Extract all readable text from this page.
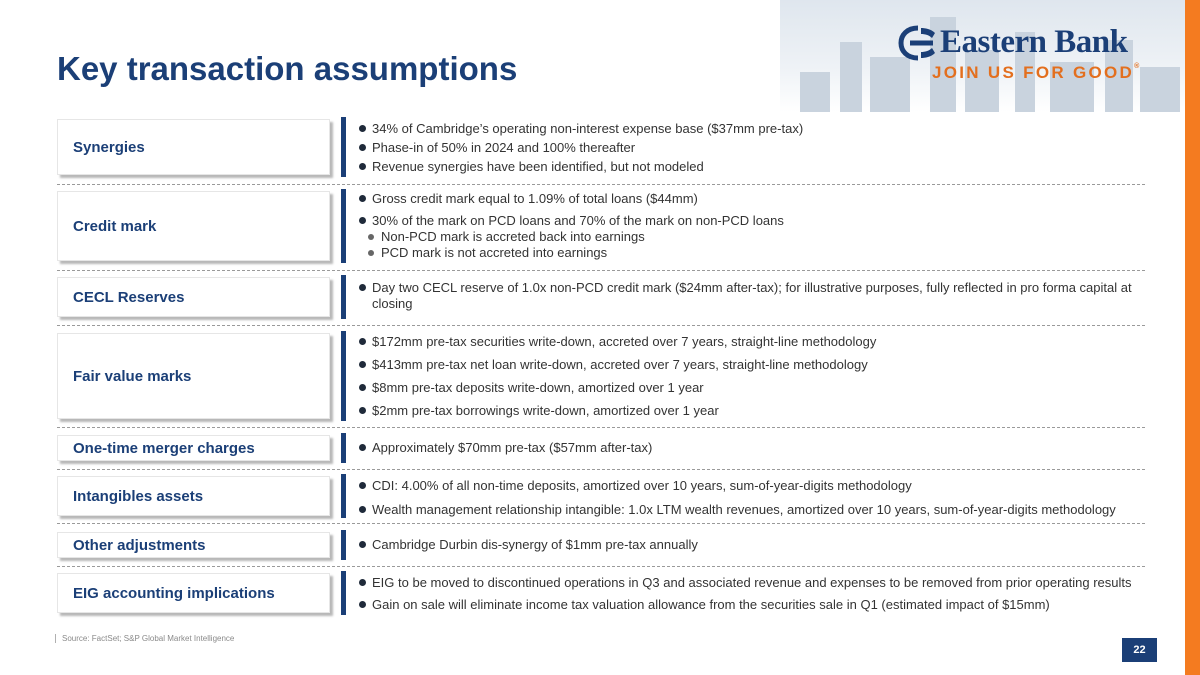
Key transaction assumptions
Eastern Bank
JOIN US FOR GOOD®
Synergies
34% of Cambridge’s operating non-interest expense base ($37mm pre-tax)
Phase-in of 50% in 2024 and 100% thereafter
Revenue synergies have been identified, but not modeled
Credit mark
Gross credit mark equal to 1.09% of total loans ($44mm)
30% of the mark on PCD loans and 70% of the mark on non-PCD loans
Non-PCD mark is accreted back into earnings
PCD mark is not accreted into earnings
CECL Reserves
Day two CECL reserve of 1.0x non-PCD credit mark ($24mm after-tax); for illustrative purposes, fully reflected in pro forma capital at closing
Fair value marks
$172mm pre-tax securities write-down, accreted over 7 years, straight-line methodology
$413mm pre-tax net loan write-down, accreted over 7 years, straight-line methodology
$8mm pre-tax deposits write-down, amortized over 1 year
$2mm pre-tax borrowings write-down, amortized over 1 year
One-time merger charges	Approximately $70mm pre-tax ($57mm after-tax)
Intangibles assets
CDI: 4.00% of all non-time deposits, amortized over 10 years, sum-of-year-digits methodology
Wealth management relationship intangible: 1.0x LTM wealth revenues, amortized over 10 years, sum-of-year-digits methodology
Other adjustments	Cambridge Durbin dis-synergy of $1mm pre-tax annually
EIG accounting implications
EIG to be moved to discontinued operations in Q3 and associated revenue and expenses to be removed from prior operating results
Gain on sale will eliminate income tax valuation allowance from the securities sale in Q1 (estimated impact of $15mm)
Source: FactSet; S&P Global Market Intelligence
22
